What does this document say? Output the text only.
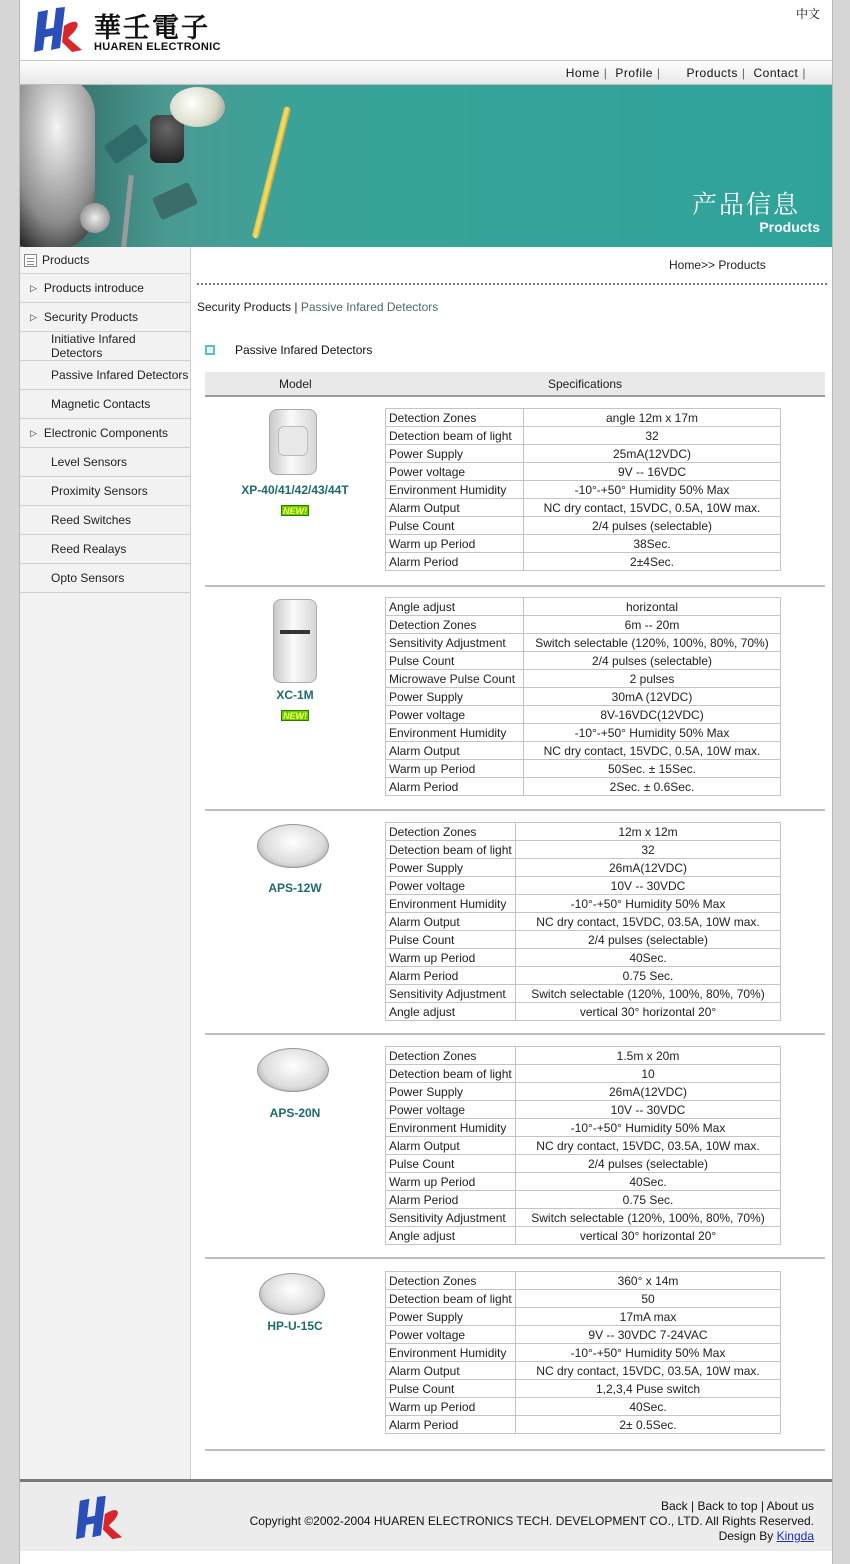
華壬電子
HUAREN ELECTRONIC
中文
Home | Profile |	Products | Contact |
产品信息
Products
Products
▷ Products introduce
▷ Security Products
Initiative Infared Detectors
Passive Infared Detectors
Magnetic Contacts
▷ Electronic Components
Level Sensors
Proximity Sensors
Reed Switches
Reed Realays
Opto Sensors
Home>> Products
Security Products | Passive Infared Detectors
Passive Infared Detectors
Model	Specifications
XP-40/41/42/43/44T
NEW!
Detection Zones	angle 12m x 17m
Detection beam of light	32
Power Supply	25mA(12VDC)
Power voltage	9V -- 16VDC
Environment Humidity	-10°-+50° Humidity 50% Max
Alarm Output	NC dry contact, 15VDC, 0.5A, 10W max.
Pulse Count	2/4 pulses (selectable)
Warm up Period	38Sec.
Alarm Period	2±4Sec.
XC-1M
NEW!
Angle adjust	horizontal
Detection Zones	6m -- 20m
Sensitivity Adjustment	Switch selectable (120%, 100%, 80%, 70%)
Pulse Count	2/4 pulses (selectable)
Microwave Pulse Count	2 pulses
Power Supply	30mA (12VDC)
Power voltage	8V-16VDC(12VDC)
Environment Humidity	-10°-+50° Humidity 50% Max
Alarm Output	NC dry contact, 15VDC, 0.5A, 10W max.
Warm up Period	50Sec. ± 15Sec.
Alarm Period	2Sec. ± 0.6Sec.
APS-12W
Detection Zones	12m x 12m
Detection beam of light	32
Power Supply	26mA(12VDC)
Power voltage	10V -- 30VDC
Environment Humidity	-10°-+50° Humidity 50% Max
Alarm Output	NC dry contact, 15VDC, 03.5A, 10W max.
Pulse Count	2/4 pulses (selectable)
Warm up Period	40Sec.
Alarm Period	0.75 Sec.
Sensitivity Adjustment	Switch selectable (120%, 100%, 80%, 70%)
Angle adjust	vertical 30° horizontal 20°
APS-20N
Detection Zones	1.5m x 20m
Detection beam of light	10
Power Supply	26mA(12VDC)
Power voltage	10V -- 30VDC
Environment Humidity	-10°-+50° Humidity 50% Max
Alarm Output	NC dry contact, 15VDC, 03.5A, 10W max.
Pulse Count	2/4 pulses (selectable)
Warm up Period	40Sec.
Alarm Period	0.75 Sec.
Sensitivity Adjustment	Switch selectable (120%, 100%, 80%, 70%)
Angle adjust	vertical 30° horizontal 20°
HP-U-15C
Detection Zones	360° x 14m
Detection beam of light	50
Power Supply	17mA max
Power voltage	9V -- 30VDC 7-24VAC
Environment Humidity	-10°-+50° Humidity 50% Max
Alarm Output	NC dry contact, 15VDC, 03.5A, 10W max.
Pulse Count	1,2,3,4 Puse switch
Warm up Period	40Sec.
Alarm Period	2± 0.5Sec.
Back | Back to top | About us
Copyright ©2002-2004 HUAREN ELECTRONICS TECH. DEVELOPMENT CO., LTD. All Rights Reserved.
Design By Kingda
